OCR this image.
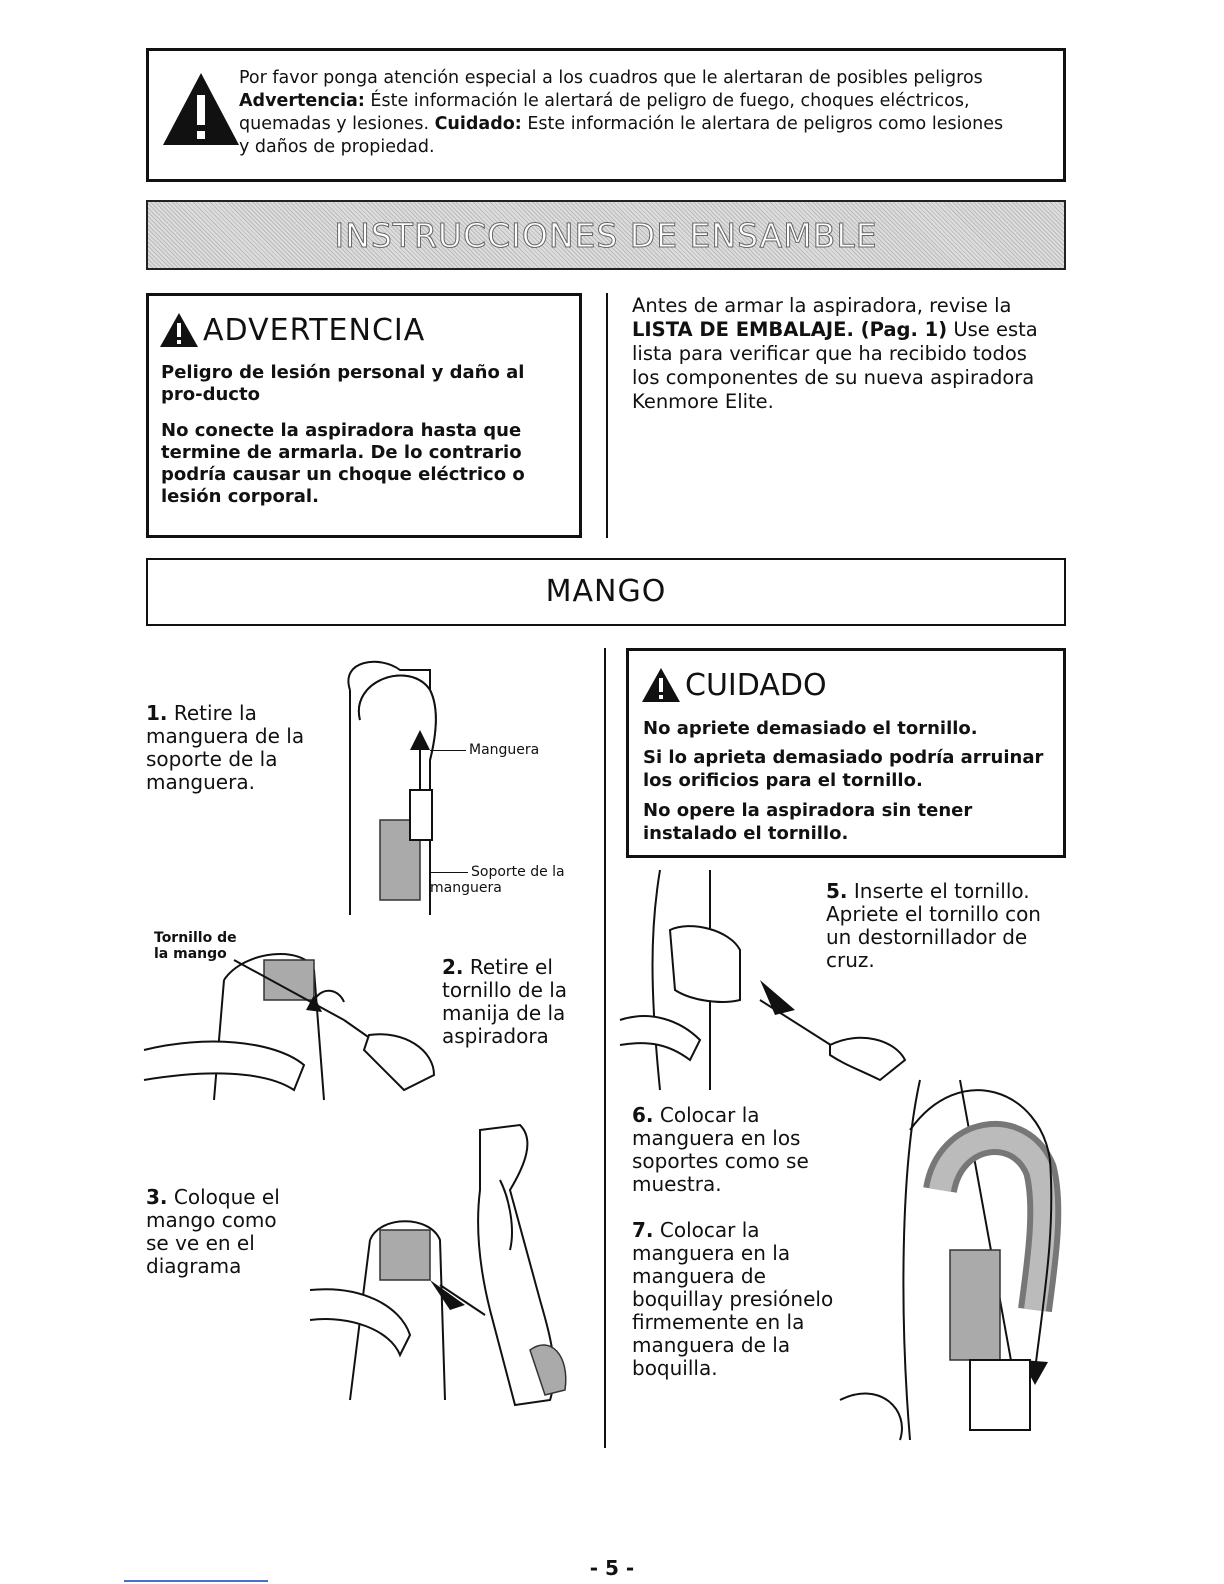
Por favor ponga atención especial a los cuadros que le alertaran de posibles peligros
Advertencia: Éste información le alertará de peligro de fuego, choques eléctricos,
quemadas y lesiones. Cuidado: Este información le alertara de peligros como lesiones
y daños de propiedad.
INSTRUCCIONES DE ENSAMBLE
ADVERTENCIA
Peligro de lesión personal y daño al pro-ducto
No conecte la aspiradora hasta que termine de armarla. De lo contrario podría causar un choque eléctrico o lesión corporal.
Antes de armar la aspiradora, revise la LISTA DE EMBALAJE. (Pag. 1) Use esta lista para verificar que ha recibido todos los componentes de su nueva aspiradora Kenmore Elite.
MANGO
CUIDADO
No apriete demasiado el tornillo.
Si lo aprieta demasiado podría arruinar los orificios para el tornillo.
No opere la aspiradora sin tener instalado el tornillo.
1. Retire la manguera de la soporte de la manguera.
Manguera
Soporte de la manguera
Tornillo de la mango
2. Retire el tornillo de la manija de la aspiradora
3. Coloque el mango como se ve en el diagrama
5. Inserte el tornillo. Apriete el tornillo con un destornillador de cruz.
6. Colocar la manguera en los soportes como se muestra.
7. Colocar la manguera en la manguera de boquillay presiónelo firmemente en la manguera de la boquilla.
- 5 -
